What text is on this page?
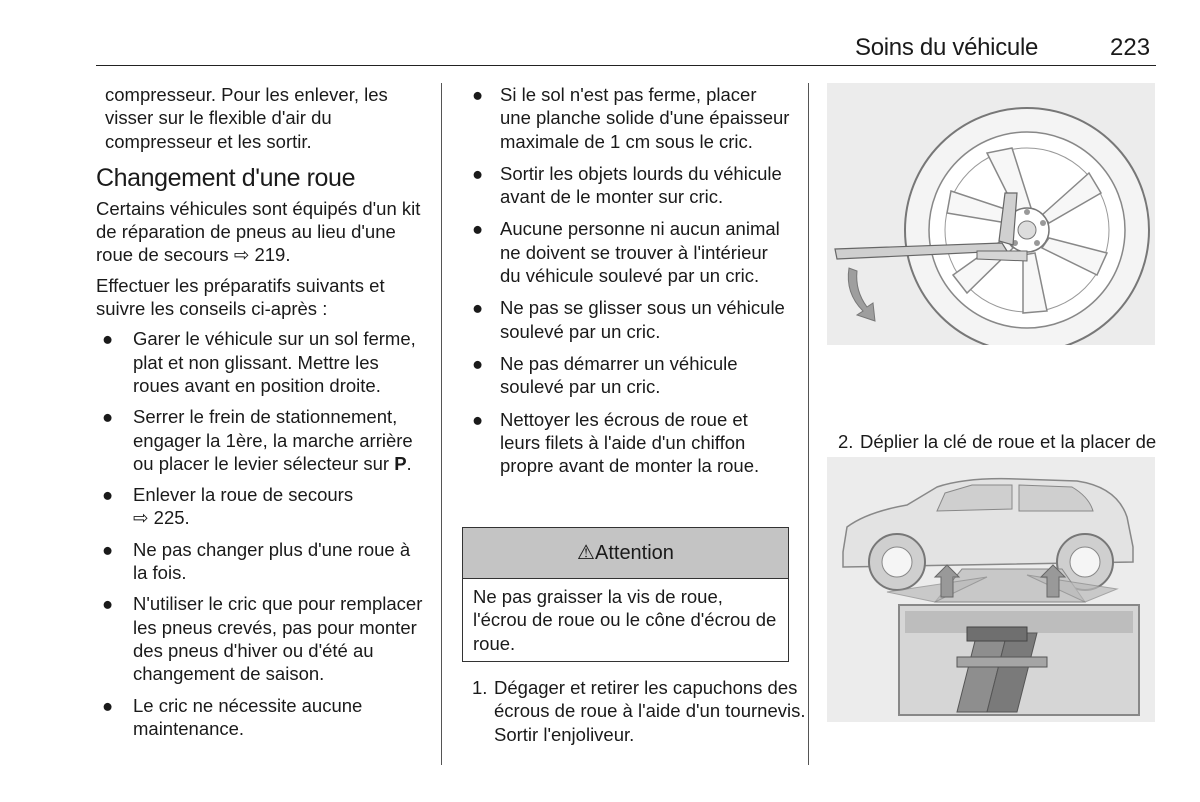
Soins du véhicule	223

compresseur. Pour les enlever, les visser sur le flexible d'air du compresseur et les sortir.

Changement d'une roue

Certains véhicules sont équipés d'un kit de réparation de pneus au lieu d'une roue de secours ⇨ 219.

Effectuer les préparatifs suivants et suivre les conseils ci-après :

● Garer le véhicule sur un sol ferme, plat et non glissant. Mettre les roues avant en position droite.
● Serrer le frein de stationnement, engager la 1ère, la marche arrière ou placer le levier sélecteur sur P.
● Enlever la roue de secours
⇨ 225.
● Ne pas changer plus d'une roue à la fois.
● N'utiliser le cric que pour remplacer les pneus crevés, pas pour monter des pneus d'hiver ou d'été au changement de saison.
● Le cric ne nécessite aucune maintenance.
● Si le sol n'est pas ferme, placer une planche solide d'une épaisseur maximale de 1 cm sous le cric.
● Sortir les objets lourds du véhicule avant de le monter sur cric.
● Aucune personne ni aucun animal ne doivent se trouver à l'intérieur du véhicule soulevé par un cric.
● Ne pas se glisser sous un véhicule soulevé par un cric.
● Ne pas démarrer un véhicule soulevé par un cric.
● Nettoyer les écrous de roue et leurs filets à l'aide d'un chiffon propre avant de monter la roue.
⚠Attention
Ne pas graisser la vis de roue, l'écrou de roue ou le cône d'écrou de roue.
1. Dégager et retirer les capuchons des écrous de roue à l'aide d'un tournevis. Sortir l'enjoliveur.
2. Déplier la clé de roue et la placer de
